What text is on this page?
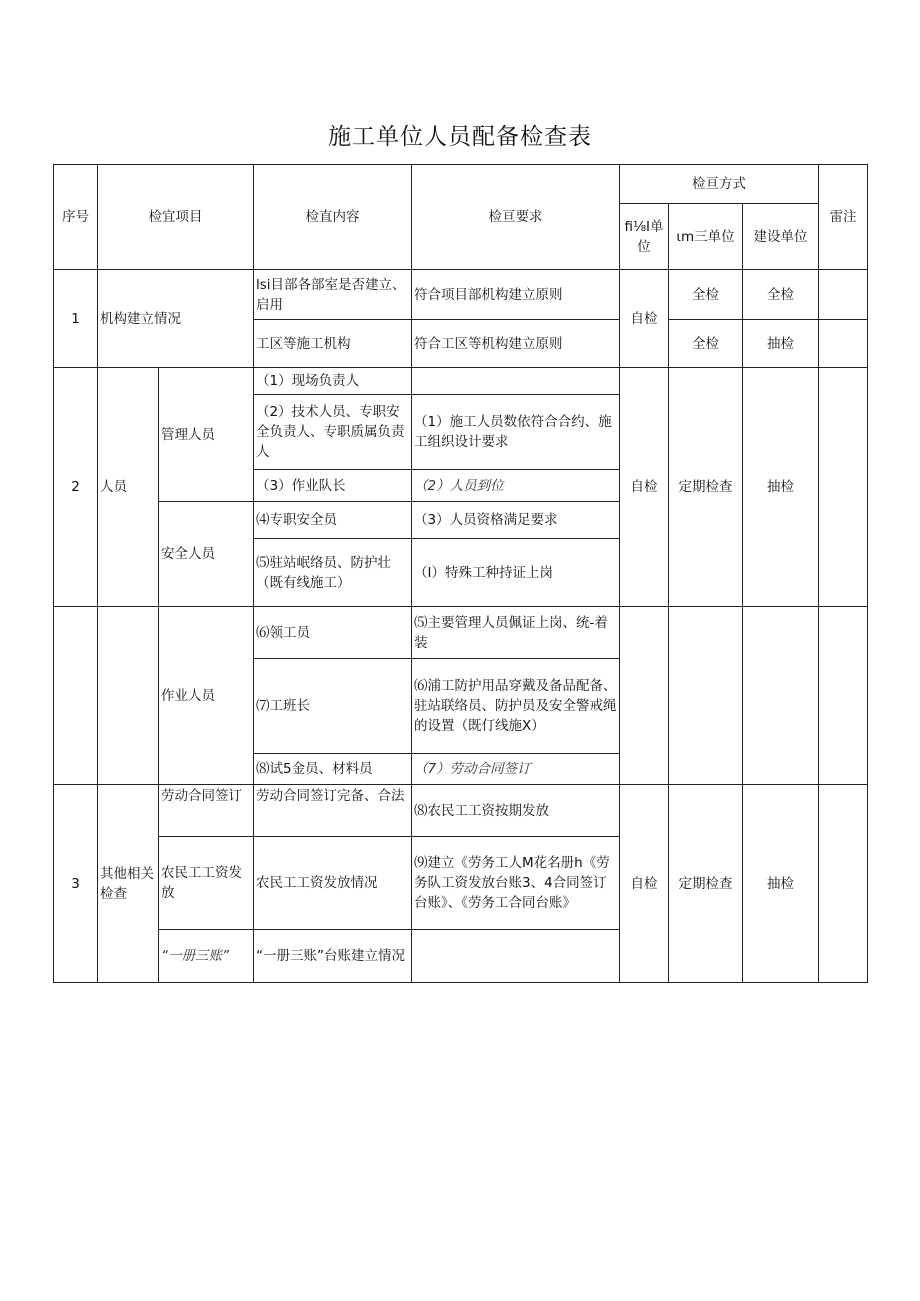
施工单位人员配备检查表
序号	检宜项目		检直内容	检亘要求	检亘方式			雷注
					fi⅛I单位	ιm三单位	建设单位	
1	机构建立情况		lsi目部各部室是否建立、启用	符合项目部机构建立原则	自检	全检	全检	
			工区等施工机构	符合工区等机构建立原则		全检	抽检	
2	人员	管理人员	（1）现场负责人		自检	定期检查	抽检	
			（2）技术人员、专职安全负责人、专职质属负责人	（1）施工人员数依符合合约、施工组织设计要求				
			（3）作业队长	（2）人员到位				
		安全人员	⑷专职安全员	（3）人员资格满足要求				
			⑸驻站岷络员、防护壮（既有线施工）	（I）特殊工种持证上岗				
		作业人员	⑹领工员	⑸主要管理人员佩证上岗、统-着装				
			⑺工班长	⑹浦工防护用品穿戴及备品配备、驻站联络员、防护员及安全警戒绳的设置（既仃线施X）				
			⑻试5金员、材料员	（7）劳动合同签订				
3	其他相关检查	劳动合同签订	劳动合同签订完备、合法	⑻农民工工资按期发放	自检	定期检查	抽检	
		农民工工资发放	农民工工资发放情况	⑼建立《劳务工人M花名册h《劳务队工资发放台账3、4合同签订台账》、《劳务工合同台账》				
		“一册三账”	“一册三账”台账建立情况					
